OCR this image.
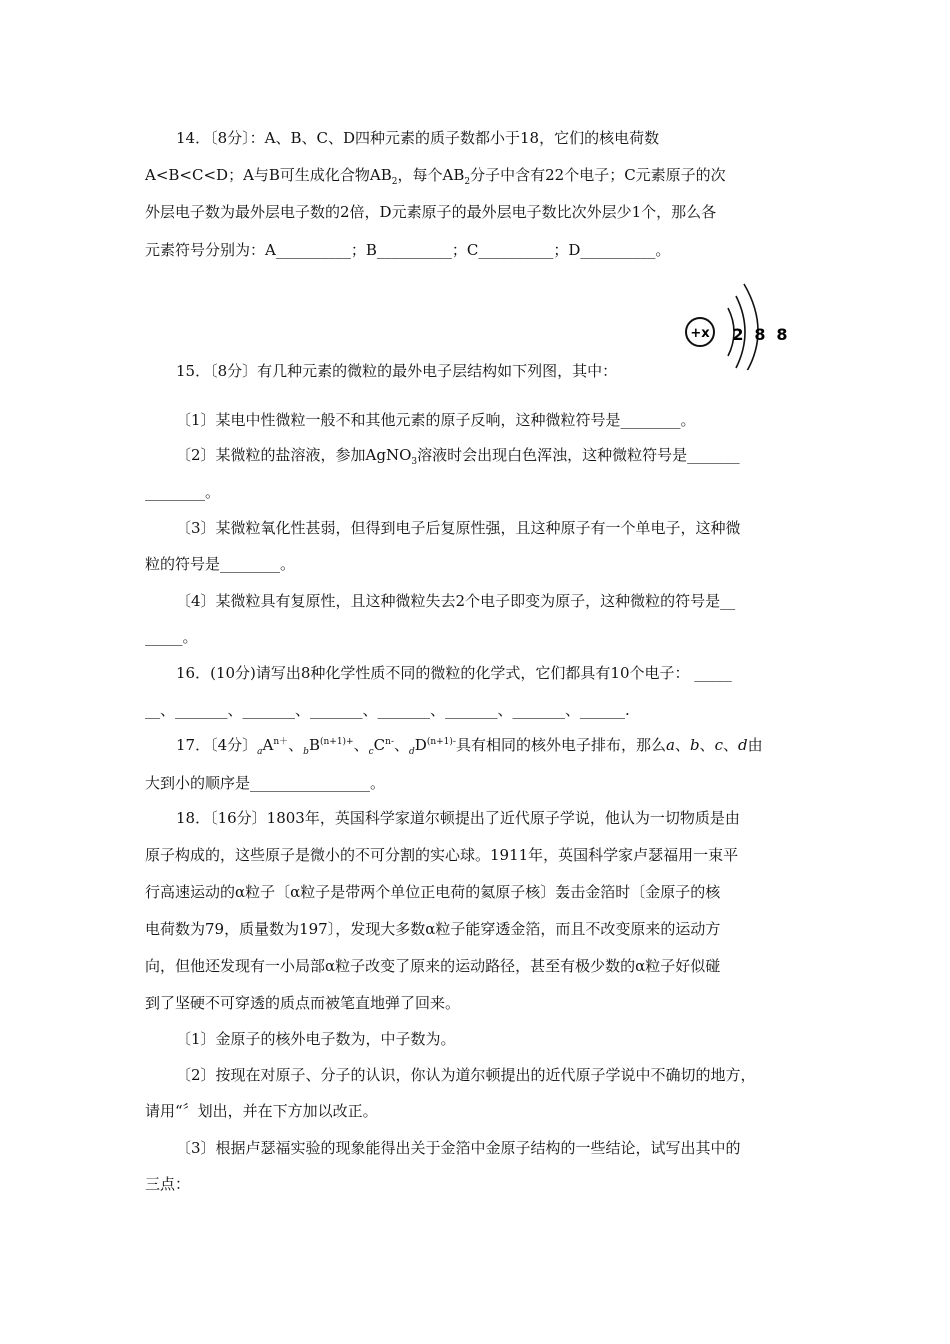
14．〔8分〕：A、B、C、D四种元素的质子数都小于18，它们的核电荷数
A<B<C<D；A与B可生成化合物$AB_2$，每个$AB_2$分子中含有22个电子；C元素原子的次
外层电子数为最外层电子数的2倍，D元素原子的最外层电子数比次外层少1个，那么各
元素符号分别为：A__________；B__________；C__________；D__________。
+x 2 8 8
15．〔8分〕有几种元素的微粒的最外电子层结构如下列图，其中：
〔1〕某电中性微粒一般不和其他元素的原子反响，这种微粒符号是________。
〔2〕某微粒的盐溶液，参加AgNO$_3$溶液时会出现白色浑浊，这种微粒符号是_______
________。
〔3〕某微粒氧化性甚弱，但得到电子后复原性强，且这种原子有一个单电子，这种微
粒的符号是________。
〔4〕某微粒具有复原性，且这种微粒失去2个电子即变为原子，这种微粒的符号是__
_____。
16．(10分)请写出8种化学性质不同的微粒的化学式，它们都具有10个电子： _____
__、_______、_______、_______、_______、_______、_______、______.
17．〔4分〕$_aA^{n+}$、$_bB^{(n+1)+}$、$_cC^{n-}$、$_dD^{(n+1)-}$具有相同的核外电子排布，那么a、b、c、d由
大到小的顺序是________________。
18．〔16分〕1803年，英国科学家道尔顿提出了近代原子学说，他认为一切物质是由
原子构成的，这些原子是微小的不可分割的实心球。1911年，英国科学家卢瑟福用一束平
行高速运动的α粒子〔α粒子是带两个单位正电荷的氦原子核〕轰击金箔时〔金原子的核
电荷数为79，质量数为197〕，发现大多数α粒子能穿透金箔，而且不改变原来的运动方
向，但他还发现有一小局部α粒子改变了原来的运动路径，甚至有极少数的α粒子好似碰
到了坚硬不可穿透的质点而被笔直地弹了回来。
〔1〕金原子的核外电子数为，中子数为。
〔2〕按现在对原子、分子的认识，你认为道尔顿提出的近代原子学说中不确切的地方，
请用“〞划出，并在下方加以改正。
〔3〕根据卢瑟福实验的现象能得出关于金箔中金原子结构的一些结论，试写出其中的
三点：
